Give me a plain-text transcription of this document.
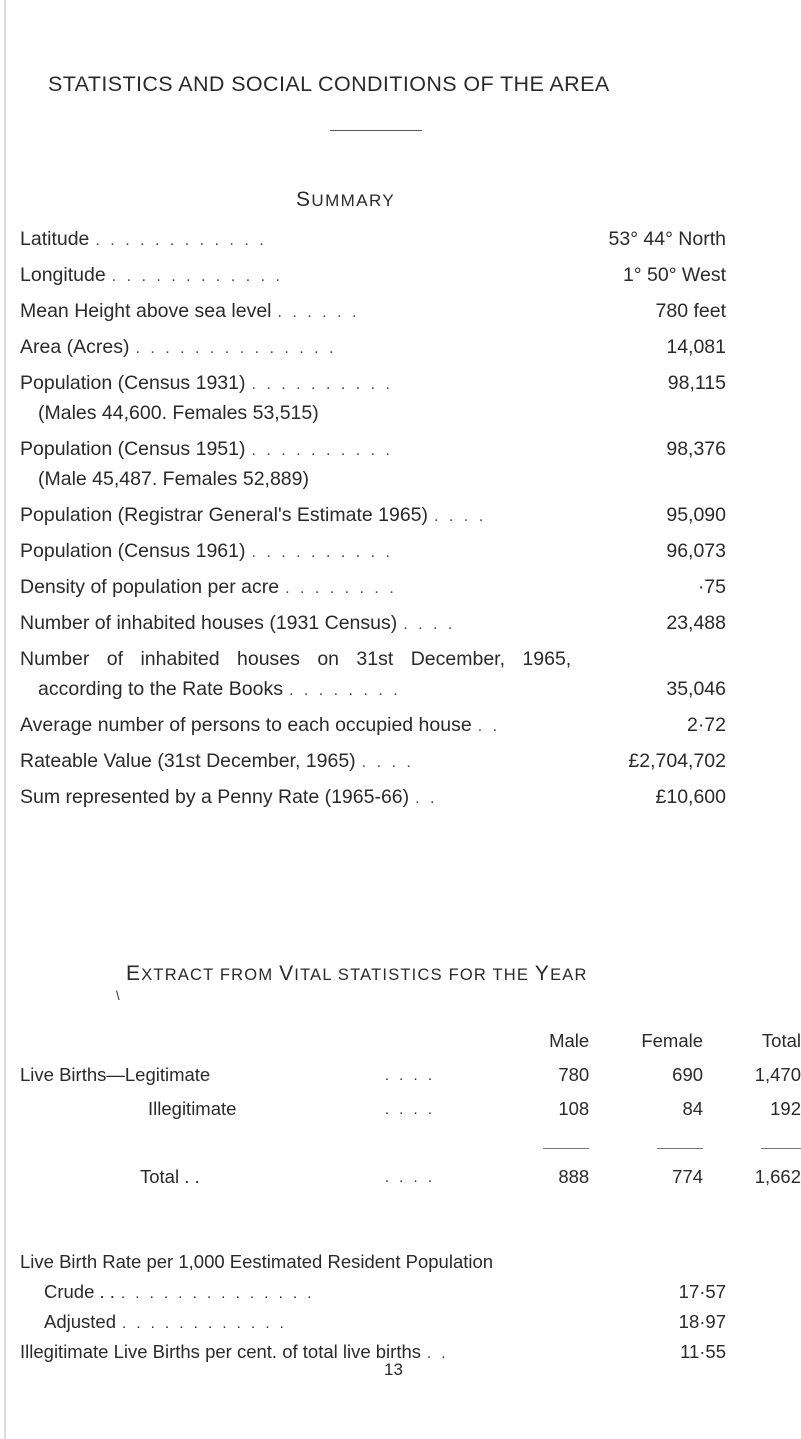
STATISTICS AND SOCIAL CONDITIONS OF THE AREA
SUMMARY
Latitude . . . . . . . . . . . .	53° 44° North
Longitude . . . . . . . . . . . .	1° 50° West
Mean Height above sea level . . . . . .	780 feet
Area (Acres) . . . . . . . . . . . . . .	14,081
Population (Census 1931) . . . . . . . . . .	98,115
(Males 44,600. Females 53,515)
Population (Census 1951) . . . . . . . . . .	98,376
(Male 45,487. Females 52,889)
Population (Registrar General's Estimate 1965) . . . .	95,090
Population (Census 1961) . . . . . . . . . .	96,073
Density of population per acre . . . . . . . .	·75
Number of inhabited houses (1931 Census) . . . .	23,488
Number of inhabited houses on 31st December, 1965,
according to the Rate Books . . . . . . . .	35,046
Average number of persons to each occupied house . .	2·72
Rateable Value (31st December, 1965) . . . .	£2,704,702
Sum represented by a Penny Rate (1965-66) . .	£10,600
EXTRACT FROM VITAL STATISTICS FOR THE YEAR
\
		Male	Female	Total
Live Births—Legitimate	. . . .	780	690	1,470
Illegitimate	. . . .	108	84	192

Total . .	. . . .	888	774	1,662
Live Birth Rate per 1,000 Eestimated Resident Population
Crude . . . . . . . . . . . . . . . .	17·57
Adjusted . . . . . . . . . . . .	18·97
Illegitimate Live Births per cent. of total live births . .	11·55
13
